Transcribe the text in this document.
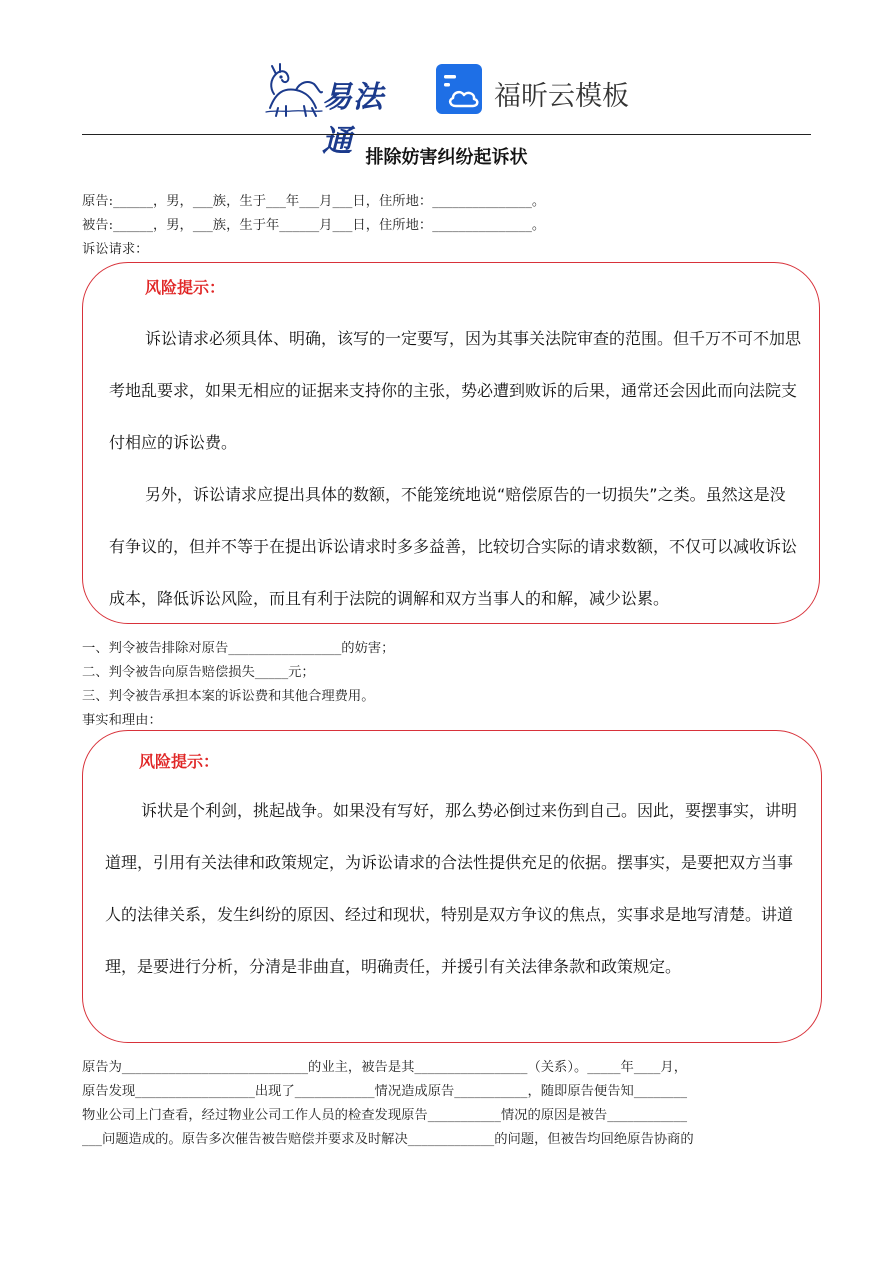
易法通
福昕云模板
排除妨害纠纷起诉状
原告:______，男，___族，生于___年___月___日，住所地：_______________。
被告:______，男，___族，生于年______月___日，住所地：_______________。
诉讼请求：
风险提示：

诉讼请求必须具体、明确，该写的一定要写，因为其事关法院审查的范围。但千万不可不加思考地乱要求，如果无相应的证据来支持你的主张，势必遭到败诉的后果，通常还会因此而向法院支付相应的诉讼费。

另外，诉讼请求应提出具体的数额，不能笼统地说“赔偿原告的一切损失”之类。虽然这是没有争议的，但并不等于在提出诉讼请求时多多益善，比较切合实际的请求数额，不仅可以减收诉讼成本，降低诉讼风险，而且有利于法院的调解和双方当事人的和解，减少讼累。

一、判令被告排除对原告_________________的妨害；
二、判令被告向原告赔偿损失_____元；
三、判令被告承担本案的诉讼费和其他合理费用。
事实和理由：
风险提示：

诉状是个利剑，挑起战争。如果没有写好，那么势必倒过来伤到自己。因此，要摆事实，讲明道理，引用有关法律和政策规定，为诉讼请求的合法性提供充足的依据。摆事实，是要把双方当事人的法律关系，发生纠纷的原因、经过和现状，特别是双方争议的焦点，实事求是地写清楚。讲道理，是要进行分析，分清是非曲直，明确责任，并援引有关法律条款和政策规定。

原告为____________________________的业主，被告是其_________________（关系）。_____年____月，
原告发现__________________出现了____________情况造成原告___________，随即原告便告知________
物业公司上门查看，经过物业公司工作人员的检查发现原告___________情况的原因是被告____________
___问题造成的。原告多次催告被告赔偿并要求及时解决_____________的问题，但被告均回绝原告协商的
